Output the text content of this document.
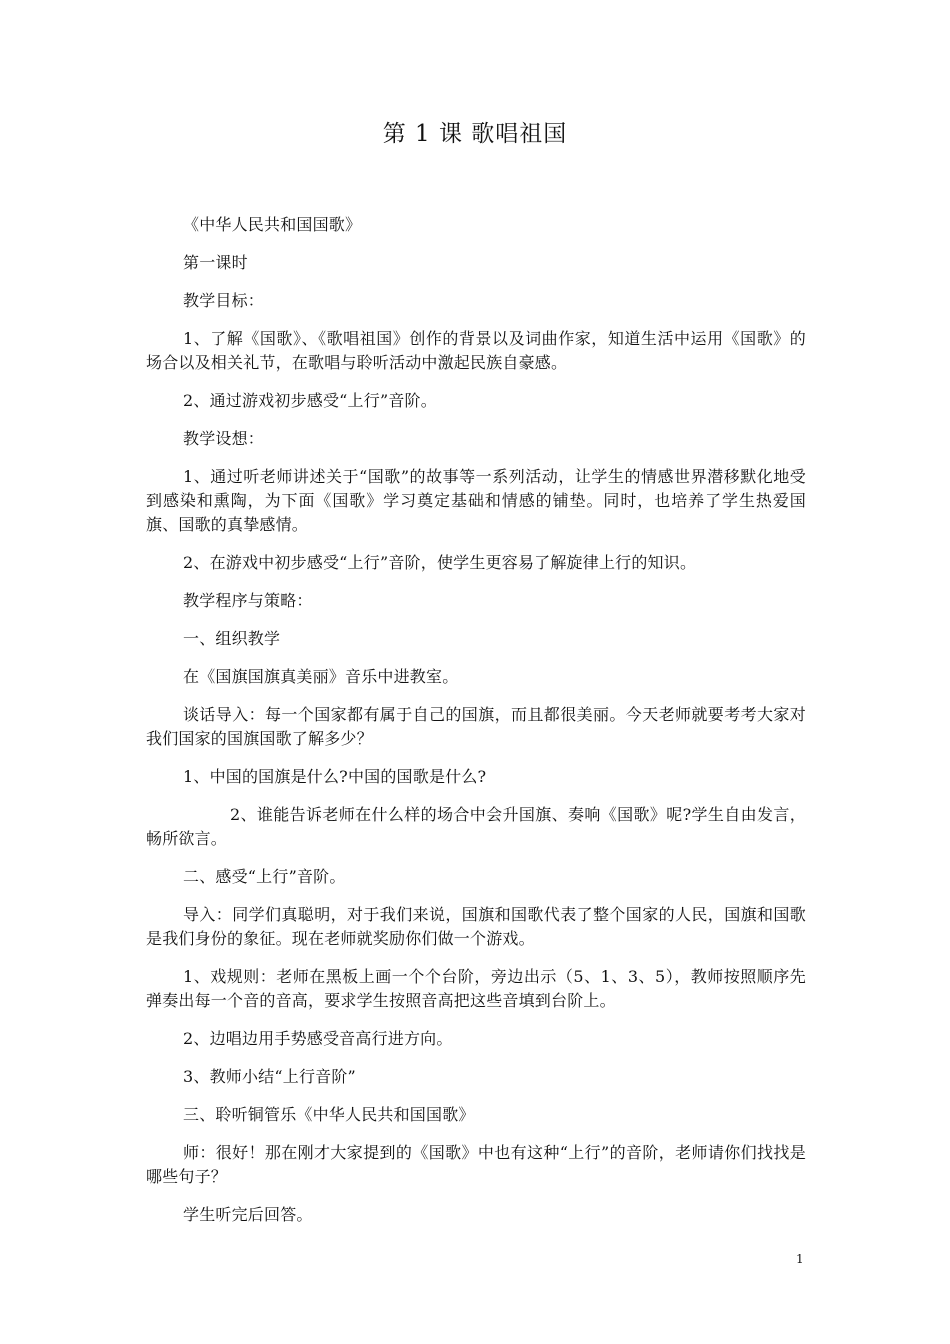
第 1 课 歌唱祖国

《中华人民共和国国歌》

第一课时

教学目标：

1、了解《国歌》、《歌唱祖国》创作的背景以及词曲作家，知道生活中运用《国歌》的场合以及相关礼节，在歌唱与聆听活动中激起民族自豪感。

2、通过游戏初步感受“上行”音阶。

教学设想：

1、通过听老师讲述关于“国歌”的故事等一系列活动，让学生的情感世界潜移默化地受到感染和熏陶，为下面《国歌》学习奠定基础和情感的铺垫。同时，也培养了学生热爱国旗、国歌的真挚感情。

2、在游戏中初步感受“上行”音阶，使学生更容易了解旋律上行的知识。

教学程序与策略：

一、组织教学

在《国旗国旗真美丽》音乐中进教室。

谈话导入：每一个国家都有属于自己的国旗，而且都很美丽。今天老师就要考考大家对我们国家的国旗国歌了解多少？

1、中国的国旗是什么?中国的国歌是什么?

2、谁能告诉老师在什么样的场合中会升国旗、奏响《国歌》呢?学生自由发言，畅所欲言。

二、感受“上行”音阶。

导入：同学们真聪明，对于我们来说，国旗和国歌代表了整个国家的人民，国旗和国歌是我们身份的象征。现在老师就奖励你们做一个游戏。

1、戏规则：老师在黑板上画一个个台阶，旁边出示（5、1、3、5），教师按照顺序先弹奏出每一个音的音高，要求学生按照音高把这些音填到台阶上。

2、边唱边用手势感受音高行进方向。

3、教师小结“上行音阶”

三、聆听铜管乐《中华人民共和国国歌》

师：很好！那在刚才大家提到的《国歌》中也有这种“上行”的音阶，老师请你们找找是哪些句子？

学生听完后回答。

1
